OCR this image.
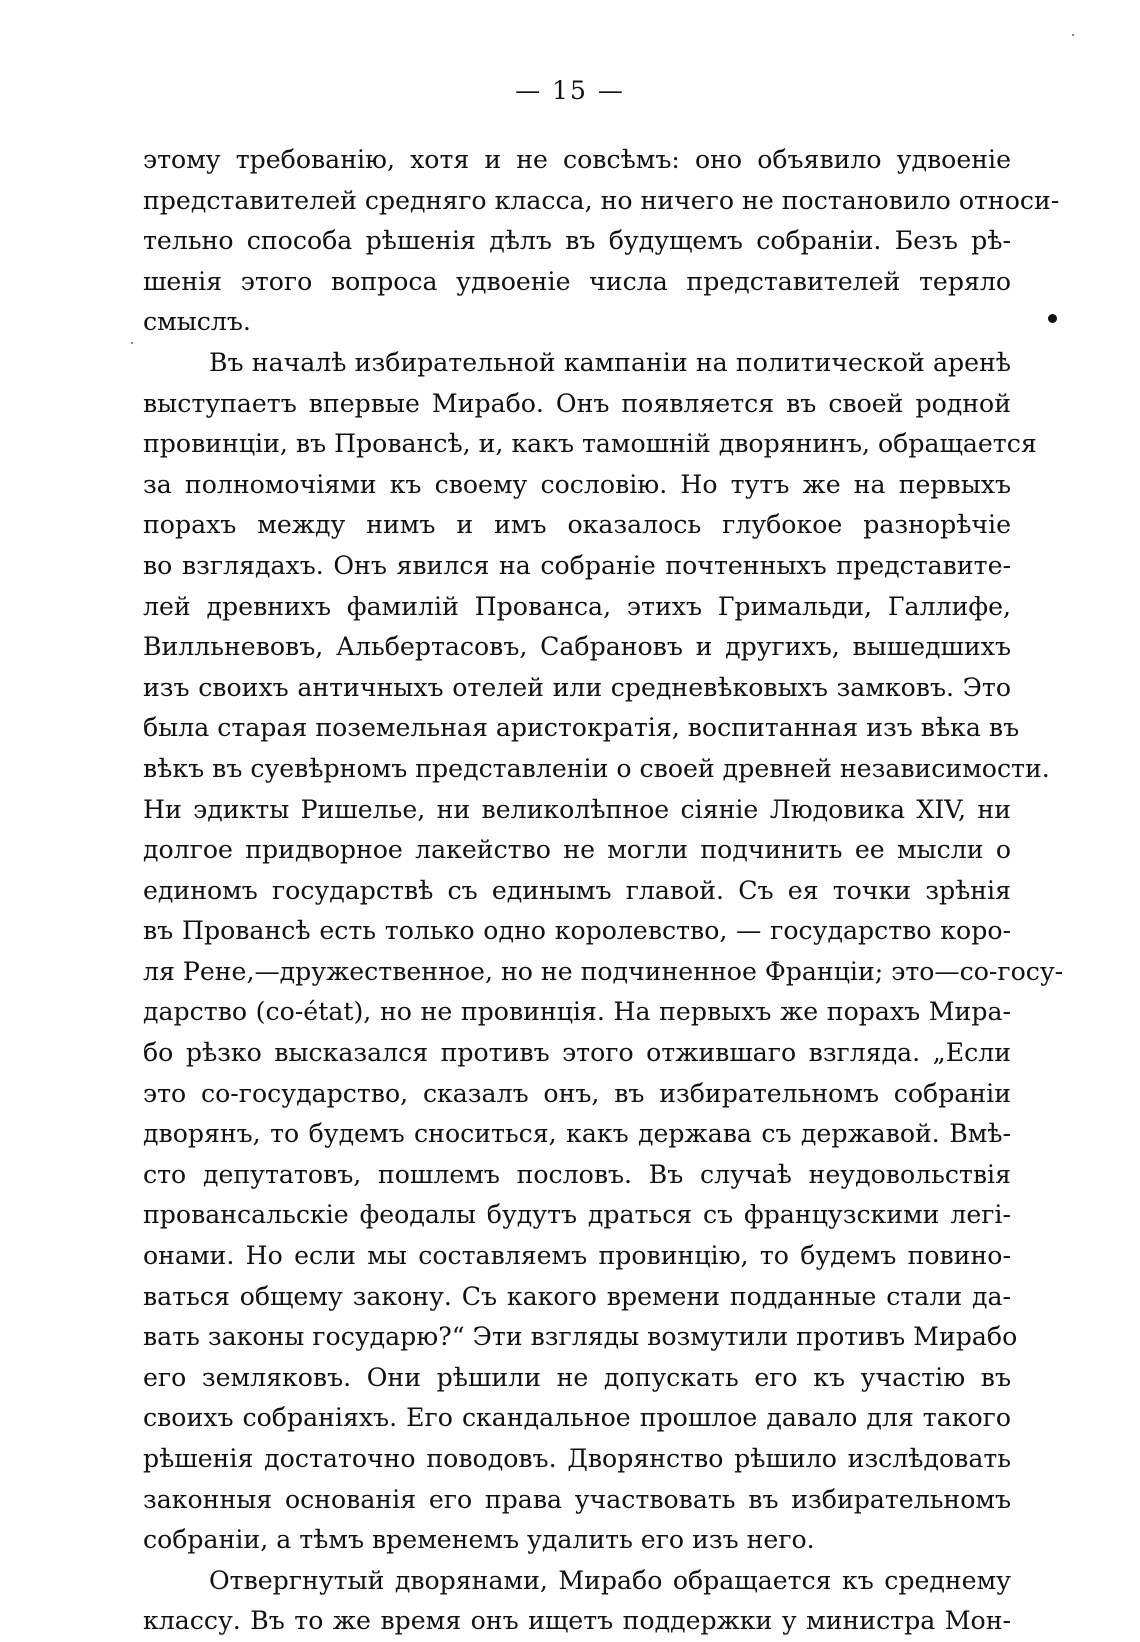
— 15 —
этому требованію, хотя и не совсѣмъ: оно объявило удвоеніе
представителей средняго класса, но ничего не постановило относи-
тельно способа рѣшенія дѣлъ въ будущемъ собраніи. Безъ рѣ-
шенія этого вопроса удвоеніе числа представителей теряло
смыслъ.
Въ началѣ избирательной кампаніи на политической аренѣ
выступаетъ впервые Мирабо. Онъ появляется въ своей родной
провинціи, въ Провансѣ, и, какъ тамошній дворянинъ, обращается
за полномочіями къ своему сословію. Но тутъ же на первыхъ
порахъ между нимъ и имъ оказалось глубокое разнорѣчіе
во взглядахъ. Онъ явился на собраніе почтенныхъ представите-
лей древнихъ фамилій Прованса, этихъ Гримальди, Галлифе,
Вилльневовъ, Альбертасовъ, Сабрановъ и другихъ, вышедшихъ
изъ своихъ античныхъ отелей или средневѣковыхъ замковъ. Это
была старая поземельная аристократія, воспитанная изъ вѣка въ
вѣкъ въ суевѣрномъ представленіи о своей древней независимости.
Ни эдикты Ришелье, ни великолѣпное сіяніе Людовика XIV, ни
долгое придворное лакейство не могли подчинить ее мысли о
единомъ государствѣ съ единымъ главой. Съ ея точки зрѣнія
въ Провансѣ есть только одно королевство, — государство коро-
ля Рене,—дружественное, но не подчиненное Франціи; это—со-госу-
дарство (co-état), но не провинція. На первыхъ же порахъ Мира-
бо рѣзко высказался противъ этого отжившаго взгляда. „Если
это со-государство, сказалъ онъ, въ избирательномъ собраніи
дворянъ, то будемъ сноситься, какъ держава съ державой. Вмѣ-
сто депутатовъ, пошлемъ пословъ. Въ случаѣ неудовольствія
провансальскіе феодалы будутъ драться съ французскими легі-
онами. Но если мы составляемъ провинцію, то будемъ повино-
ваться общему закону. Съ какого времени подданные стали да-
вать законы государю?“ Эти взгляды возмутили противъ Мирабо
его земляковъ. Они рѣшили не допускать его къ участію въ
своихъ собраніяхъ. Его скандальное прошлое давало для такого
рѣшенія достаточно поводовъ. Дворянство рѣшило изслѣдовать
законныя основанія его права участвовать въ избирательномъ
собраніи, а тѣмъ временемъ удалить его изъ него.
Отвергнутый дворянами, Мирабо обращается къ среднему
классу. Въ то же время онъ ищетъ поддержки у министра Мон-
